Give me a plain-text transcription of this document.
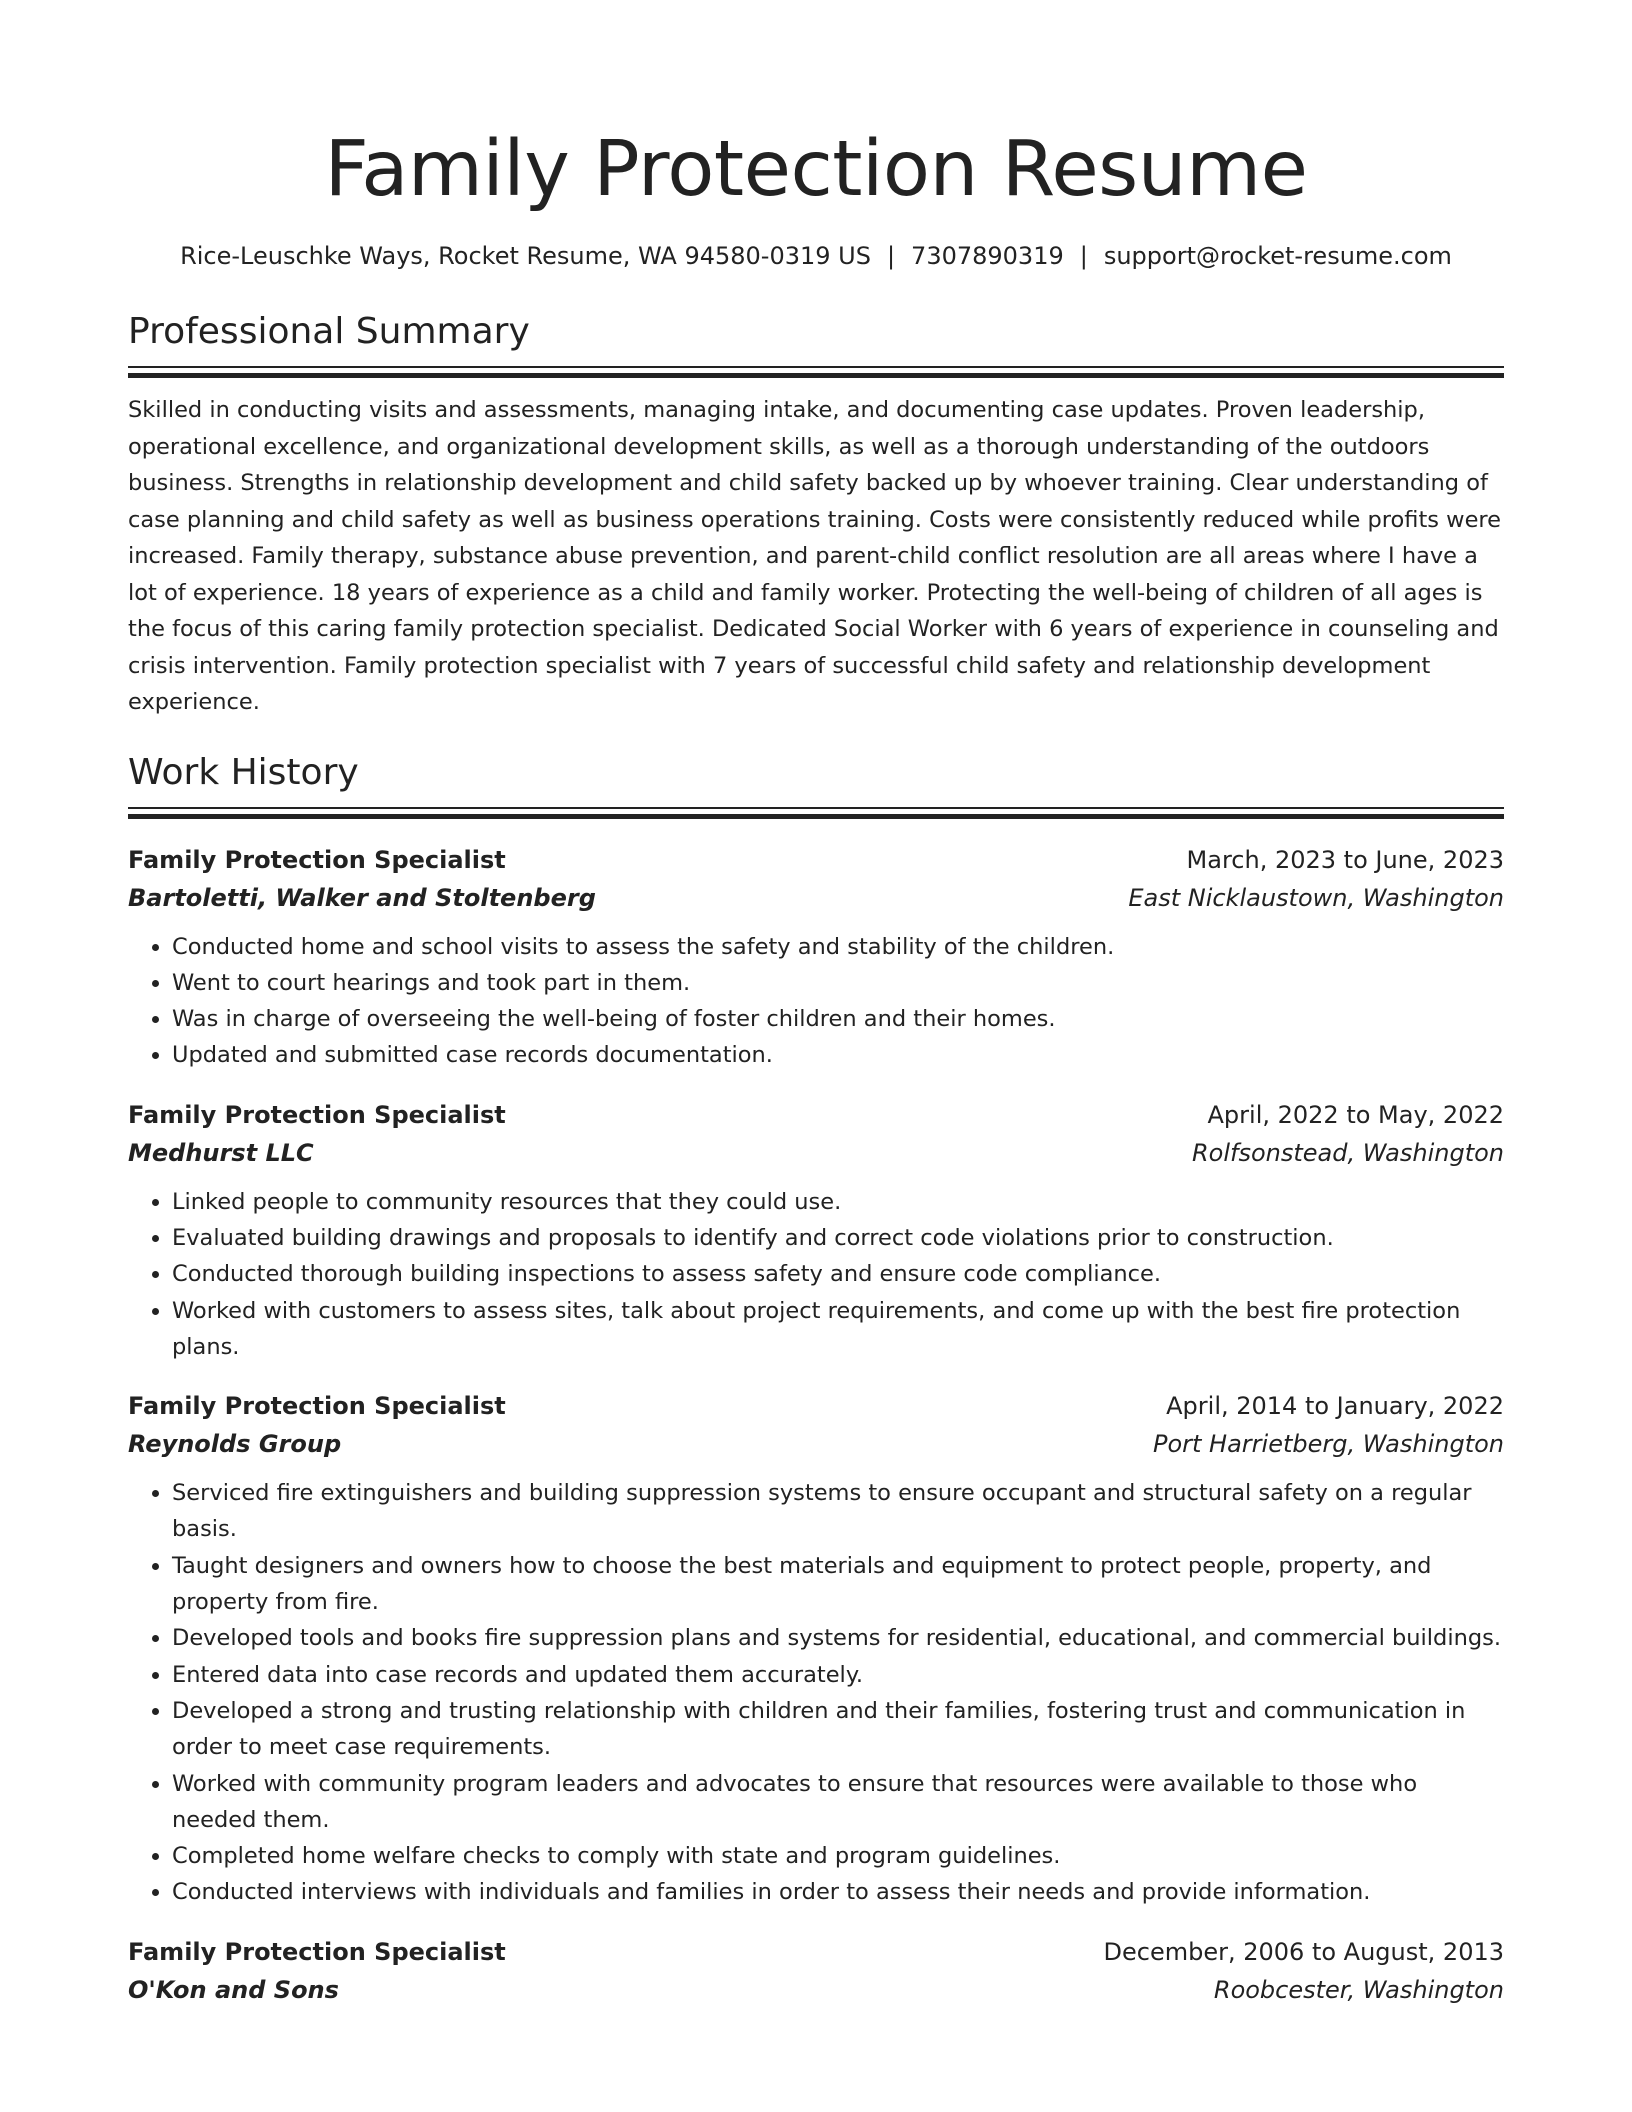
Family Protection Resume
Rice-Leuschke Ways, Rocket Resume, WA 94580-0319 US | 7307890319 | support@rocket-resume.com
Professional Summary

Skilled in conducting visits and assessments, managing intake, and documenting case updates. Proven leadership, operational excellence, and organizational development skills, as well as a thorough understanding of the outdoors business. Strengths in relationship development and child safety backed up by whoever training. Clear understanding of case planning and child safety as well as business operations training. Costs were consistently reduced while profits were increased. Family therapy, substance abuse prevention, and parent-child conflict resolution are all areas where I have a lot of experience. 18 years of experience as a child and family worker. Protecting the well-being of children of all ages is the focus of this caring family protection specialist. Dedicated Social Worker with 6 years of experience in counseling and crisis intervention. Family protection specialist with 7 years of successful child safety and relationship development experience.

Work History
Family Protection Specialist	March, 2023 to June, 2023
Bartoletti, Walker and Stoltenberg	East Nicklaustown, Washington
• Conducted home and school visits to assess the safety and stability of the children.
• Went to court hearings and took part in them.
• Was in charge of overseeing the well-being of foster children and their homes.
• Updated and submitted case records documentation.
Family Protection Specialist	April, 2022 to May, 2022
Medhurst LLC	Rolfsonstead, Washington
• Linked people to community resources that they could use.
• Evaluated building drawings and proposals to identify and correct code violations prior to construction.
• Conducted thorough building inspections to assess safety and ensure code compliance.
• Worked with customers to assess sites, talk about project requirements, and come up with the best fire protection plans.
Family Protection Specialist	April, 2014 to January, 2022
Reynolds Group	Port Harrietberg, Washington
• Serviced fire extinguishers and building suppression systems to ensure occupant and structural safety on a regular basis.
• Taught designers and owners how to choose the best materials and equipment to protect people, property, and property from fire.
• Developed tools and books fire suppression plans and systems for residential, educational, and commercial buildings.
• Entered data into case records and updated them accurately.
• Developed a strong and trusting relationship with children and their families, fostering trust and communication in order to meet case requirements.
• Worked with community program leaders and advocates to ensure that resources were available to those who needed them.
• Completed home welfare checks to comply with state and program guidelines.
• Conducted interviews with individuals and families in order to assess their needs and provide information.
Family Protection Specialist	December, 2006 to August, 2013
O'Kon and Sons	Roobcester, Washington
